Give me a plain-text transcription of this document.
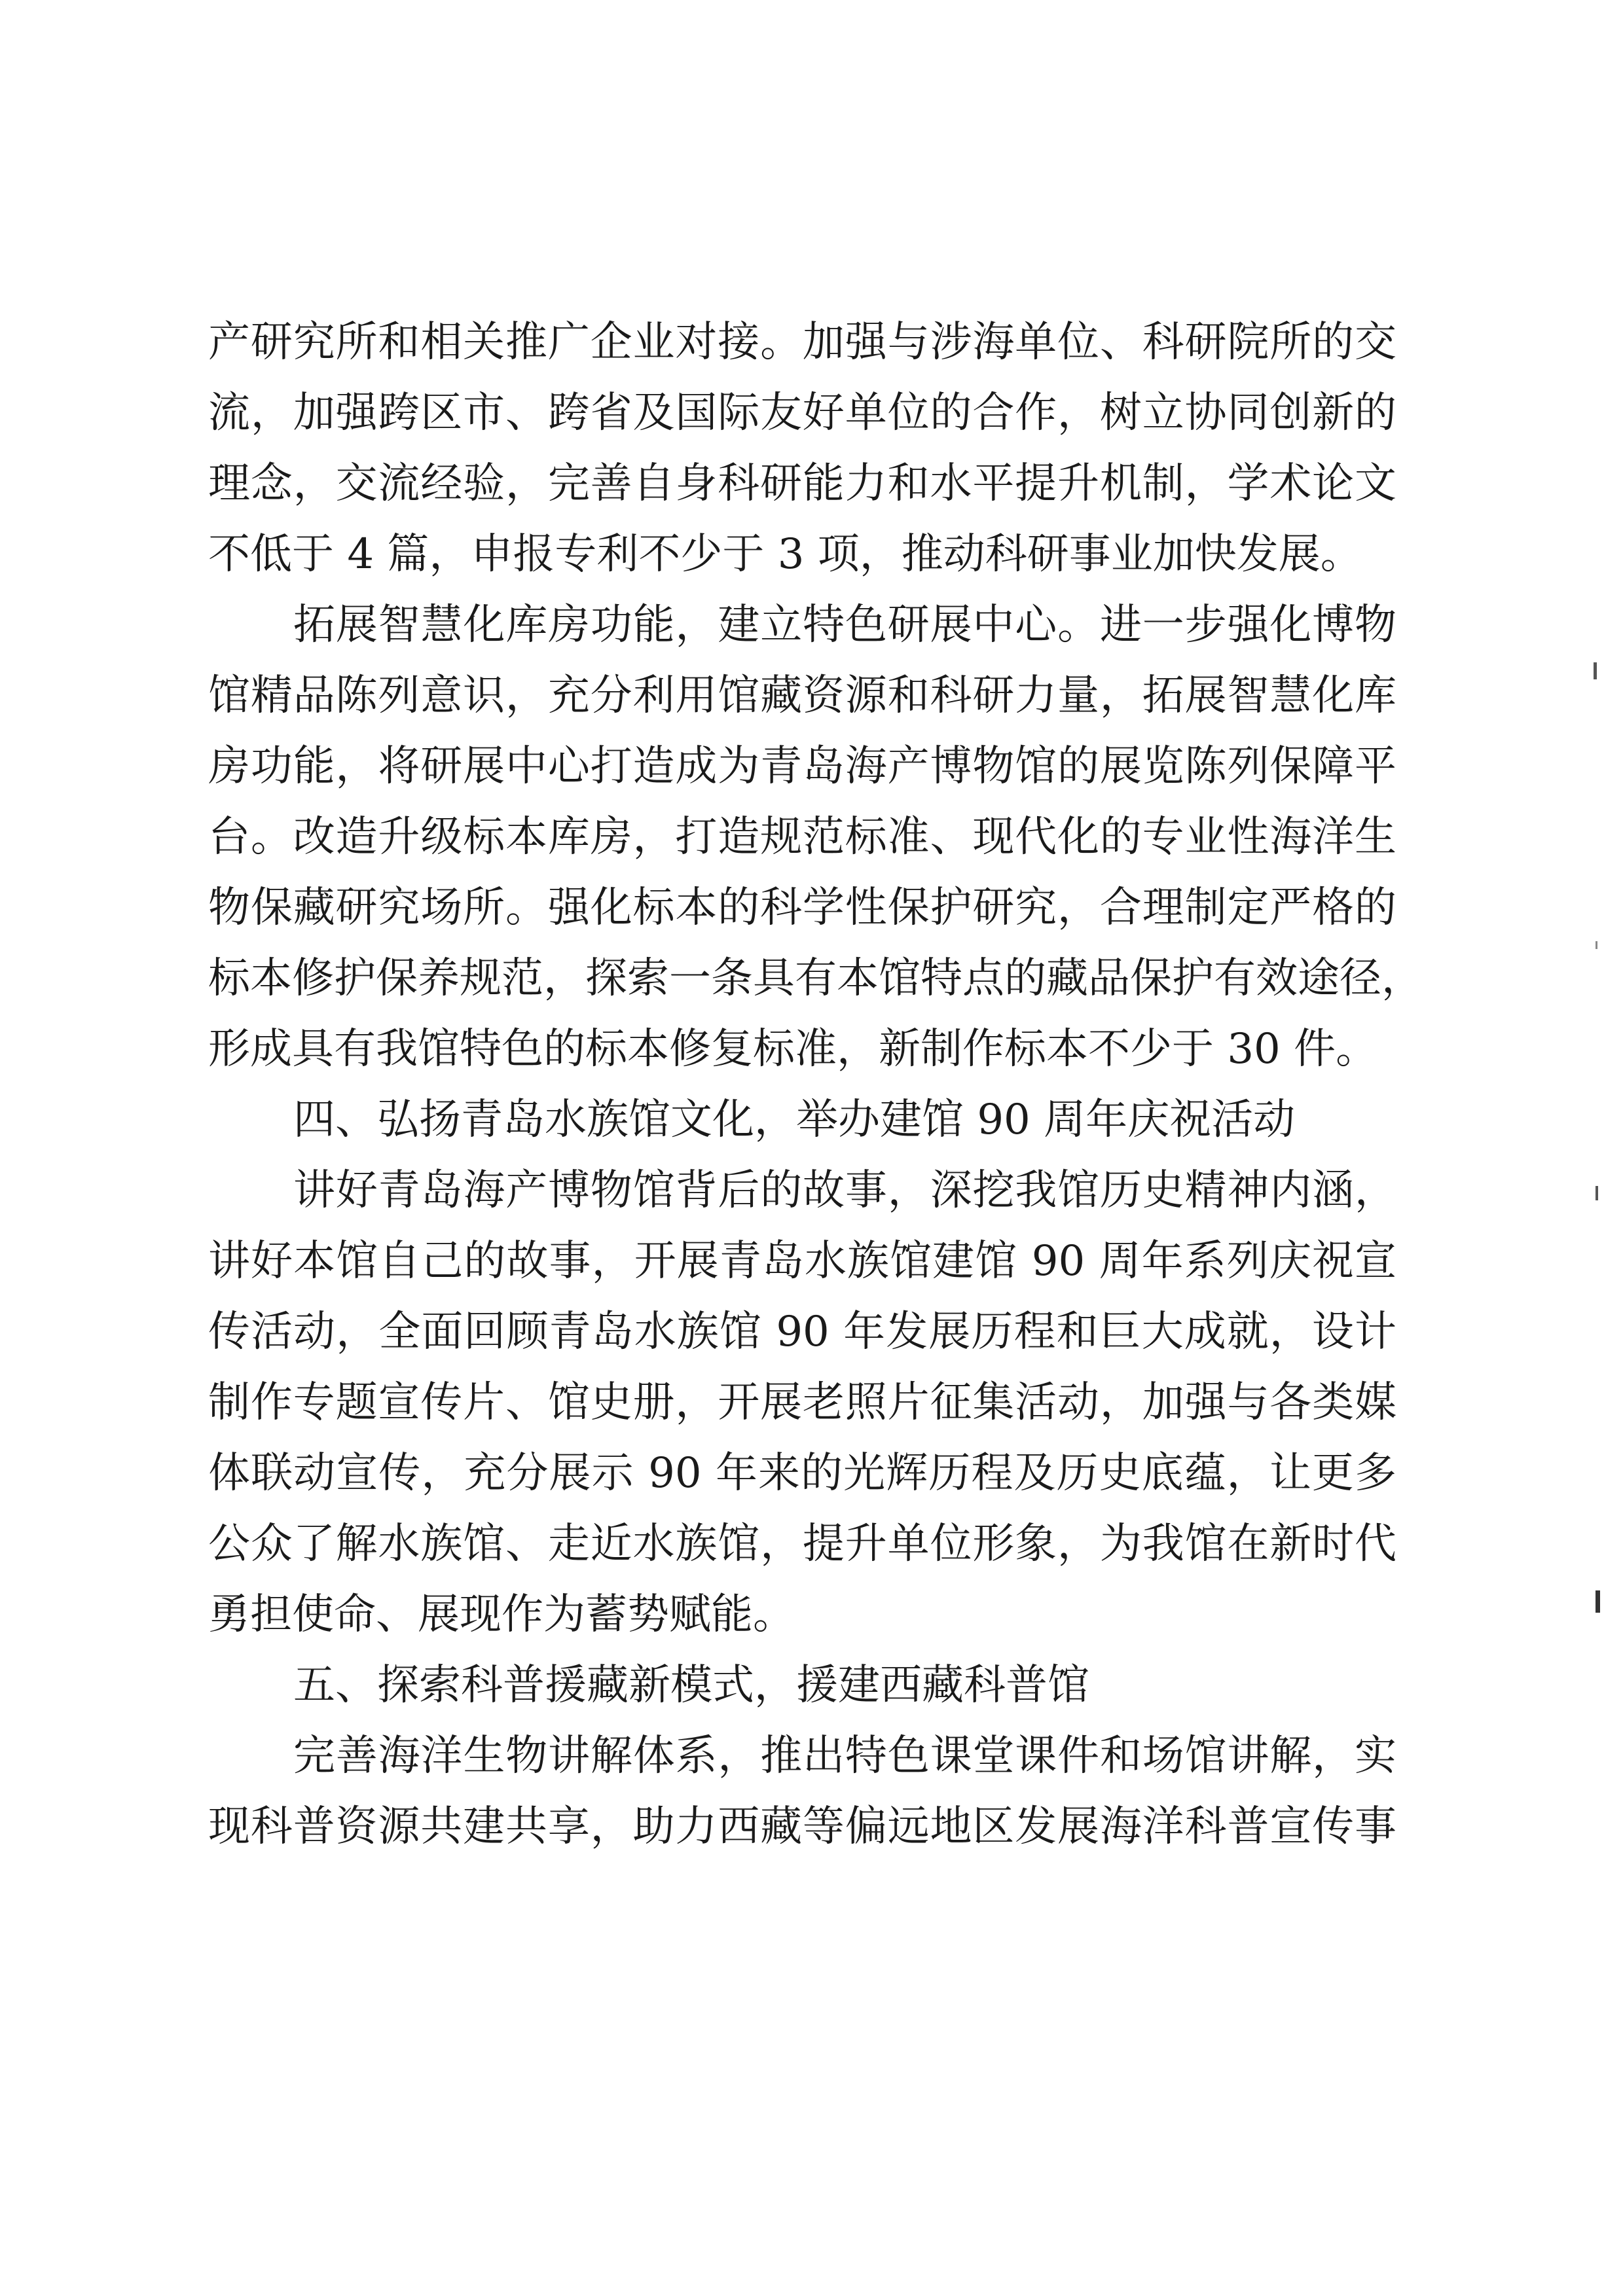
产研究所和相关推广企业对接。加强与涉海单位、科研院所的交
流，加强跨区市、跨省及国际友好单位的合作，树立协同创新的
理念，交流经验，完善自身科研能力和水平提升机制，学术论文
不低于 4 篇，申报专利不少于 3 项，推动科研事业加快发展。
拓展智慧化库房功能，建立特色研展中心。进一步强化博物
馆精品陈列意识，充分利用馆藏资源和科研力量，拓展智慧化库
房功能，将研展中心打造成为青岛海产博物馆的展览陈列保障平
台。改造升级标本库房，打造规范标准、现代化的专业性海洋生
物保藏研究场所。强化标本的科学性保护研究，合理制定严格的
标本修护保养规范，探索一条具有本馆特点的藏品保护有效途径，
形成具有我馆特色的标本修复标准，新制作标本不少于 30 件。
四、弘扬青岛水族馆文化，举办建馆 90 周年庆祝活动
讲好青岛海产博物馆背后的故事，深挖我馆历史精神内涵，
讲好本馆自己的故事，开展青岛水族馆建馆 90 周年系列庆祝宣
传活动，全面回顾青岛水族馆 90 年发展历程和巨大成就，设计
制作专题宣传片、馆史册，开展老照片征集活动，加强与各类媒
体联动宣传，充分展示 90 年来的光辉历程及历史底蕴，让更多
公众了解水族馆、走近水族馆，提升单位形象，为我馆在新时代
勇担使命、展现作为蓄势赋能。
五、探索科普援藏新模式，援建西藏科普馆
完善海洋生物讲解体系，推出特色课堂课件和场馆讲解，实
现科普资源共建共享，助力西藏等偏远地区发展海洋科普宣传事
